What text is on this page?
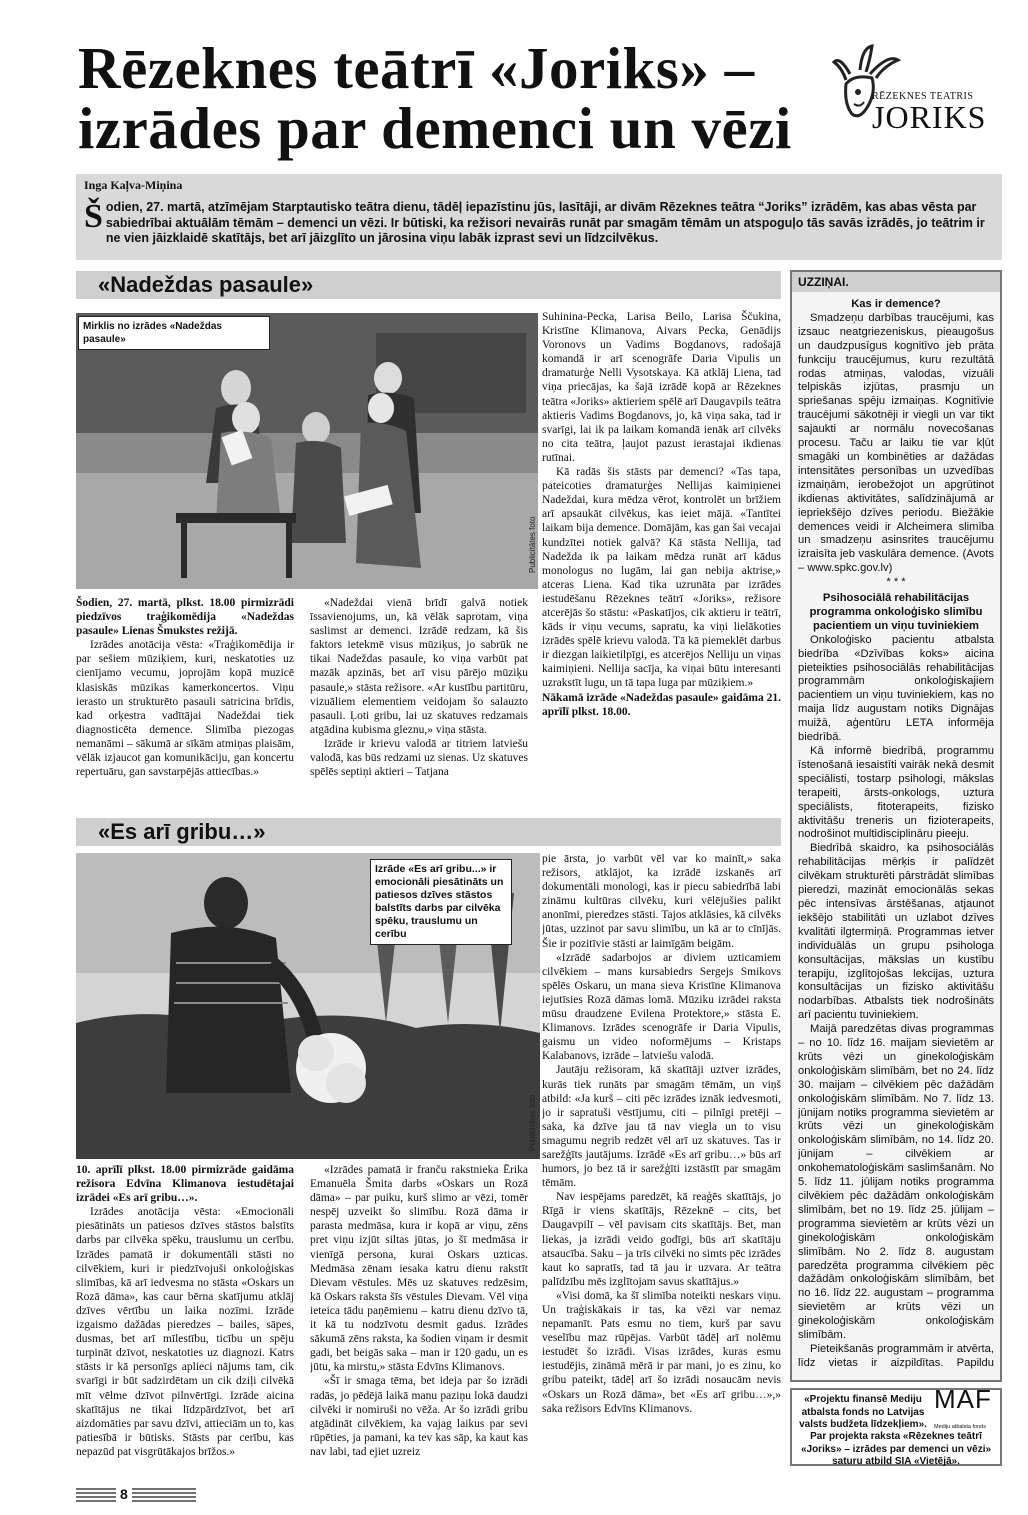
Rēzeknes teātrī «Joriks» –
izrādes par demenci un vēzi	RĒZEKNES TEATRIS
JORIKS
Inga Kaļva-Miņina

Šodien, 27. martā, atzīmējam Starptautisko teātra dienu, tādēļ iepazīstinu jūs, lasītāji, ar divām Rēzeknes teātra “Joriks” izrādēm, kas abas vēsta par sabiedrībai aktuālām tēmām – demenci un vēzi. Ir būtiski, ka režisori nevairās runāt par smagām tēmām un atspoguļo tās savās izrādēs, jo teātrim ir ne vien jāizklaidē skatītājs, bet arī jāizglīto un jārosina viņu labāk izprast sevi un līdzcilvēkus.

«Nadeždas pasaule»
Mirklis no izrādes «Nadeždas pasaule»
Publicitātes foto

Šodien, 27. martā, plkst. 18.00 pirmizrādi piedzīvos traģikomēdija «Nadeždas pasaule» Lienas Šmukstes režijā.

Izrādes anotācija vēsta: «Traģikomēdija ir par sešiem mūziķiem, kuri, neskatoties uz cienījamo vecumu, joprojām kopā muzicē klasiskās mūzikas kamerkoncertos. Viņu ierasto un strukturēto pasauli satricina brīdis, kad orķestra vadītājai Nadeždai tiek diagnosticēta demence. Slimība piezogas nemanāmi – sākumā ar sīkām atmiņas plaisām, vēlāk izjaucot gan komunikāciju, gan koncertu repertuāru, gan savstarpējās attiecības.»

«Nadeždai vienā brīdī galvā notiek īssavienojums, un, kā vēlāk saprotam, viņa saslimst ar demenci. Izrādē redzam, kā šis faktors ietekmē visus mūziķus, jo sabrūk ne tikai Nadeždas pasaule, ko viņa varbūt pat mazāk apzinās, bet arī visu pārējo mūziķu pasaule,» stāsta režisore. «Ar kustību partitūru, vizuāliem elementiem veidojam šo salauzto pasauli. Ļoti gribu, lai uz skatuves redzamais atgādina kubisma gleznu,» viņa stāsta.

Izrāde ir krievu valodā ar titriem latviešu valodā, kas būs redzami uz sienas. Uz skatuves spēlēs septiņi aktieri – Tatjana

Suhinina-Pecka, Larisa Beilo, Larisa Ščukina, Kristīne Klimanova, Aivars Pecka, Genādijs Voronovs un Vadims Bogdanovs, radošajā komandā ir arī scenogrāfe Daria Vipulis un dramaturģe Nelli Vysotskaya. Kā atklāj Liena, tad viņa priecājas, ka šajā izrādē kopā ar Rēzeknes teātra «Joriks» aktieriem spēlē arī Daugavpils teātra aktieris Vadims Bogdanovs, jo, kā viņa saka, tad ir svarīgi, lai ik pa laikam komandā ienāk arī cilvēks no cita teātra, ļaujot pazust ierastajai ikdienas rutīnai.

Kā radās šis stāsts par demenci? «Tas tapa, pateicoties dramaturģes Nellijas kaimiņienei Nadeždai, kura mēdza vērot, kontrolēt un brīžiem arī apsaukāt cilvēkus, kas ieiet mājā. «Tantītei laikam bija demence. Domājām, kas gan šai vecajai kundzītei notiek galvā? Kā stāsta Nellija, tad Nadežda ik pa laikam mēdza runāt arī kādus monologus no lugām, lai gan nebija aktrise,» atceras Liena. Kad tika uzrunāta par izrādes iestudēšanu Rēzeknes teātrī «Joriks», režisore atcerējās šo stāstu: «Paskatījos, cik aktieru ir teātrī, kāds ir viņu vecums, sapratu, ka viņi lielākoties izrādēs spēlē krievu valodā. Tā kā piemeklēt darbus ir diezgan laikietilpīgi, es atcerējos Nelliju un viņas kaimiņieni. Nellija sacīja, ka viņai būtu interesanti uzrakstīt lugu, un tā tapa luga par mūziķiem.»

Nākamā izrāde «Nadeždas pasaule» gaidāma 21. aprīlī plkst. 18.00.

«Es arī gribu…»
Izrāde «Es arī gribu...» ir emocionāli piesātināts un patiesos dzīves stāstos balstīts darbs par cilvēka spēku, trauslumu un cerību
Publicitātes foto

10. aprīlī plkst. 18.00 pirmizrāde gaidāma režisora Edvīna Klimanova iestudētajai izrādei «Es arī gribu…».

Izrādes anotācija vēsta: «Emocionāli piesātināts un patiesos dzīves stāstos balstīts darbs par cilvēka spēku, trauslumu un cerību. Izrādes pamatā ir dokumentāli stāsti no cilvēkiem, kuri ir piedzīvojuši onkoloģiskas slimības, kā arī iedvesma no stāsta «Oskars un Rozā dāma», kas caur bērna skatījumu atklāj dzīves vērtību un laika nozīmi. Izrāde izgaismo dažādas pieredzes – bailes, sāpes, dusmas, bet arī mīlestību, ticību un spēju turpināt dzīvot, neskatoties uz diagnozi. Katrs stāsts ir kā personīgs aplieci nājums tam, cik svarīgi ir būt sadzirdētam un cik dziļi cilvēkā mīt vēlme dzīvot pilnvērtīgi. Izrāde aicina skatītājus ne tikai līdzpārdzīvot, bet arī aizdomāties par savu dzīvi, attieciām un to, kas patiesībā ir būtisks. Stāsts par cerību, kas nepazūd pat visgrūtākajos brīžos.»

«Izrādes pamatā ir franču rakstnieka Ērika Emanuēla Šmita darbs «Oskars un Rozā dāma» – par puiku, kurš slimo ar vēzi, tomēr nespēj uzveikt šo slimību. Rozā dāma ir parasta medmāsa, kura ir kopā ar viņu, zēns pret viņu izjūt siltas jūtas, jo šī medmāsa ir vienīgā persona, kurai Oskars uzticas. Medmāsa zēnam iesaka katru dienu rakstīt Dievam vēstules. Mēs uz skatuves redzēsim, kā Oskars raksta šīs vēstules Dievam. Vēl viņa ieteica tādu paņēmienu – katru dienu dzīvo tā, it kā tu nodzīvotu desmit gadus. Izrādes sākumā zēns raksta, ka šodien viņam ir desmit gadi, bet beigās saka – man ir 120 gadu, un es jūtu, ka mirstu,» stāsta Edvīns Klimanovs.

«Šī ir smaga tēma, bet ideja par šo izrādi radās, jo pēdējā laikā manu paziņu lokā daudzi cilvēki ir nomiruši no vēža. Ar šo izrādi gribu atgādināt cilvēkiem, ka vajag laikus par sevi rūpēties, ja pamani, ka tev kas sāp, ka kaut kas nav labi, tad ejiet uzreiz

pie ārsta, jo varbūt vēl var ko mainīt,» saka režisors, atklājot, ka izrādē izskanēs arī dokumentāli monologi, kas ir piecu sabiedrībā labi zināmu kultūras cilvēku, kuri vēlējušies palikt anonīmi, pieredzes stāsti. Tajos atklāsies, kā cilvēks jūtas, uzzinot par savu slimību, un kā ar to cīnījās. Šie ir pozitīvie stāsti ar laimīgām beigām.

«Izrādē sadarbojos ar diviem uzticamiem cilvēkiem – mans kursabiedrs Sergejs Smikovs spēlēs Oskaru, un mana sieva Kristīne Klimanova iejutīsies Rozā dāmas lomā. Mūziku izrādei raksta mūsu draudzene Evilena Protektore,» stāsta E. Klimanovs. Izrādes scenogrāfe ir Daria Vipulis, gaismu un video noformējums – Kristaps Kalabanovs, izrāde – latviešu valodā.

Jautāju režisoram, kā skatītāji uztver izrādes, kurās tiek runāts par smagām tēmām, un viņš atbild: «Ja kurš – citi pēc izrādes iznāk iedvesmoti, jo ir sapratuši vēstījumu, citi – pilnīgi pretēji – saka, ka dzīve jau tā nav viegla un to visu smagumu negrib redzēt vēl arī uz skatuves. Tas ir sarežģīts jautājums. Izrādē «Es arī gribu…» būs arī humors, jo bez tā ir sarežģīti izstāstīt par smagām tēmām.

Nav iespējams paredzēt, kā reaģēs skatītājs, jo Rīgā ir viens skatītājs, Rēzeknē – cits, bet Daugavpilī – vēl pavisam cits skatītājs. Bet, man liekas, ja izrādi veido godīgi, būs arī skatītāju atsaucība. Saku – ja trīs cilvēki no simts pēc izrādes kaut ko sapratīs, tad tā jau ir uzvara. Ar teātra palīdzību mēs izglītojam savus skatītājus.»

«Visi domā, ka šī slimība noteikti neskars viņu. Un traģiskākais ir tas, ka vēzi var nemaz nepamanīt. Pats esmu no tiem, kurš par savu veselību maz rūpējas. Varbūt tādēļ arī nolēmu iestudēt šo izrādi. Visas izrādes, kuras esmu iestudējis, zināmā mērā ir par mani, jo es zinu, ko gribu pateikt, tādēļ arī šo izrādi nosaucām nevis «Oskars un Rozā dāma», bet «Es arī gribu…»,» saka režisors Edvīns Klimanovs.

UZZIŅAI.

Kas ir demence?

Smadzeņu darbības traucējumi, kas izsauc neatgriezeniskus, pieaugošus un daudzpusīgus kognitīvo jeb prāta funkciju traucējumus, kuru rezultātā rodas atmiņas, valodas, vizuāli telpiskās izjūtas, prasmju un spriešanas spēju izmaiņas. Kognitīvie traucējumi sākotnēji ir viegli un var tikt sajaukti ar normālu novecošanas procesu. Taču ar laiku tie var kļūt smagāki un kombinēties ar dažādas intensitātes personības un uzvedības izmaiņām, ierobežojot un apgrūtinot ikdienas aktivitātes, salīdzinājumā ar iepriekšējo dzīves periodu. Biežākie demences veidi ir Alcheimera slimība un smadzeņu asinsrites traucējumu izraisīta jeb vaskulāra demence. (Avots – www.spkc.gov.lv)

* * *

Psihosociālā rehabilitācijas programma onkoloģisko slimību pacientiem un viņu tuviniekiem

Onkoloģisko pacientu atbalsta biedrība «Dzīvības koks» aicina pieteikties psihosociālās rehabilitācijas programmām onkoloģiskajiem pacientiem un viņu tuviniekiem, kas no maija līdz augustam notiks Dignājas muižā, aģentūru LETA informēja biedrībā.

Kā informē biedrībā, programmu īstenošanā iesaistīti vairāk nekā desmit speciālisti, tostarp psihologi, mākslas terapeiti, ārsts-onkologs, uztura speciālists, fitoterapeits, fizisko aktivitāšu treneris un fizioterapeits, nodrošinot multidisciplināru pieeju.

Biedrībā skaidro, ka psihosociālās rehabilitācijas mērķis ir palīdzēt cilvēkam strukturēti pārstrādāt slimības pieredzi, mazināt emocionālās sekas pēc intensīvas ārstēšanas, atjaunot iekšējo stabilitāti un uzlabot dzīves kvalitāti ilgtermiņā. Programmas ietver individuālās un grupu psihologa konsultācijas, mākslas un kustību terapiju, izglītojošas lekcijas, uztura konsultācijas un fizisko aktivitāšu nodarbības. Atbalsts tiek nodrošināts arī pacientu tuviniekiem.

Maijā paredzētas divas programmas – no 10. līdz 16. maijam sievietēm ar krūts vēzi un ginekoloģiskām onkoloģiskām slimībām, bet no 24. līdz 30. maijam – cilvēkiem pēc dažādām onkoloģiskām slimībām. No 7. līdz 13. jūnijam notiks programma sievietēm ar krūts vēzi un ginekoloģiskām onkoloģiskām slimībām, no 14. līdz 20. jūnijam – cilvēkiem ar onkohematoloģiskām saslimšanām. No 5. līdz 11. jūlijam notiks programma cilvēkiem pēc dažādām onkoloģiskām slimībām, bet no 19. līdz 25. jūlijam – programma sievietēm ar krūts vēzi un ginekoloģiskām onkoloģiskām slimībām. No 2. līdz 8. augustam paredzēta programma cilvēkiem pēc dažādām onkoloģiskām slimībām, bet no 16. līdz 22. augustam – programma sievietēm ar krūts vēzi un ginekoloģiskām onkoloģiskām slimībām.

Pieteikšanās programmām ir atvērta, līdz vietas ir aizpildītas. Papildu

«Projektu finansē Mediju atbalsta fonds no Latvijas valsts budžeta līdzekļiem».
MAF
Mediju atbalsta fonds
Par projekta raksta «Rēzeknes teātrī «Joriks» – izrādes par demenci un vēzi» saturu atbild SIA «Vietējā».
8
